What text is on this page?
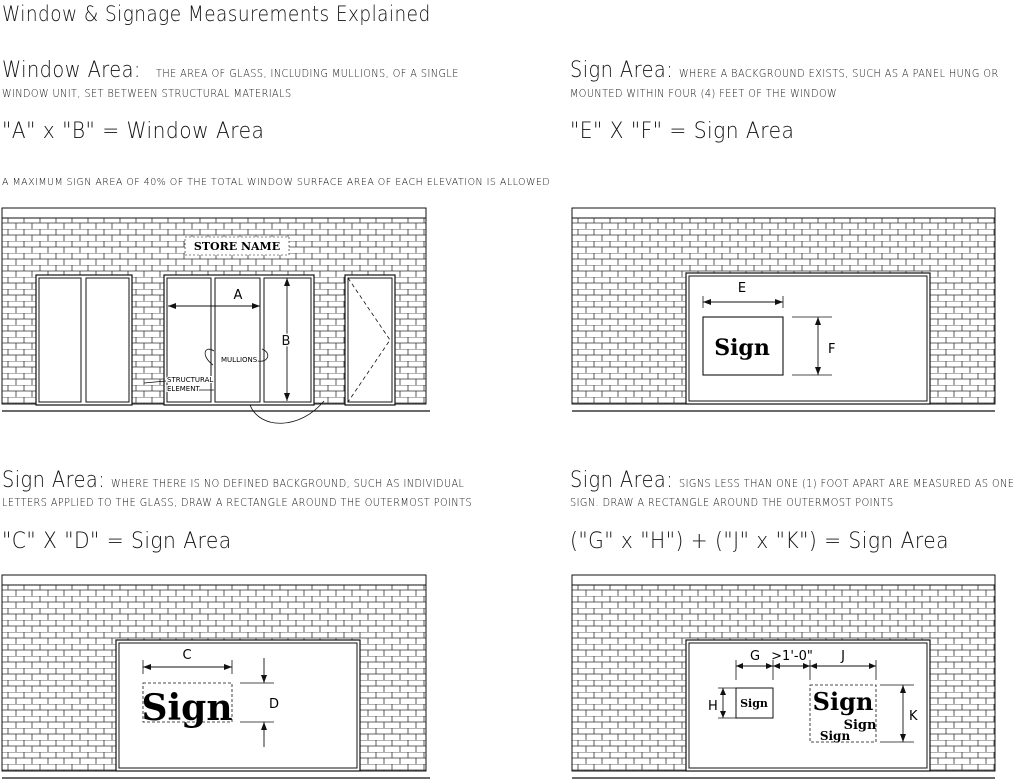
Window & Signage Measurements Explained
Window Area: THE AREA OF GLASS, INCLUDING MULLIONS, OF A SINGLE
WINDOW UNIT, SET BETWEEN STRUCTURAL MATERIALS
"A" x "B" = Window Area
Sign Area: WHERE A BACKGROUND EXISTS, SUCH AS A PANEL HUNG OR
MOUNTED WITHIN FOUR (4) FEET OF THE WINDOW
"E" X "F" = Sign Area
A MAXIMUM SIGN AREA OF 40% OF THE TOTAL WINDOW SURFACE AREA OF EACH ELEVATION IS ALLOWED
Sign Area: WHERE THERE IS NO DEFINED BACKGROUND, SUCH AS INDIVIDUAL
LETTERS APPLIED TO THE GLASS, DRAW A RECTANGLE AROUND THE OUTERMOST POINTS
"C" X "D" = Sign Area
Sign Area: SIGNS LESS THAN ONE (1) FOOT APART ARE MEASURED AS ONE
SIGN. DRAW A RECTANGLE AROUND THE OUTERMOST POINTS
("G" x "H") + ("J" x "K") = Sign Area
STORE NAME
A
B
MULLIONS
STRUCTURAL
ELEMENT
Sign
E
F
Sign
C
D	Sign Sign
Sign
Sign
G >1'-0" J
H
K
